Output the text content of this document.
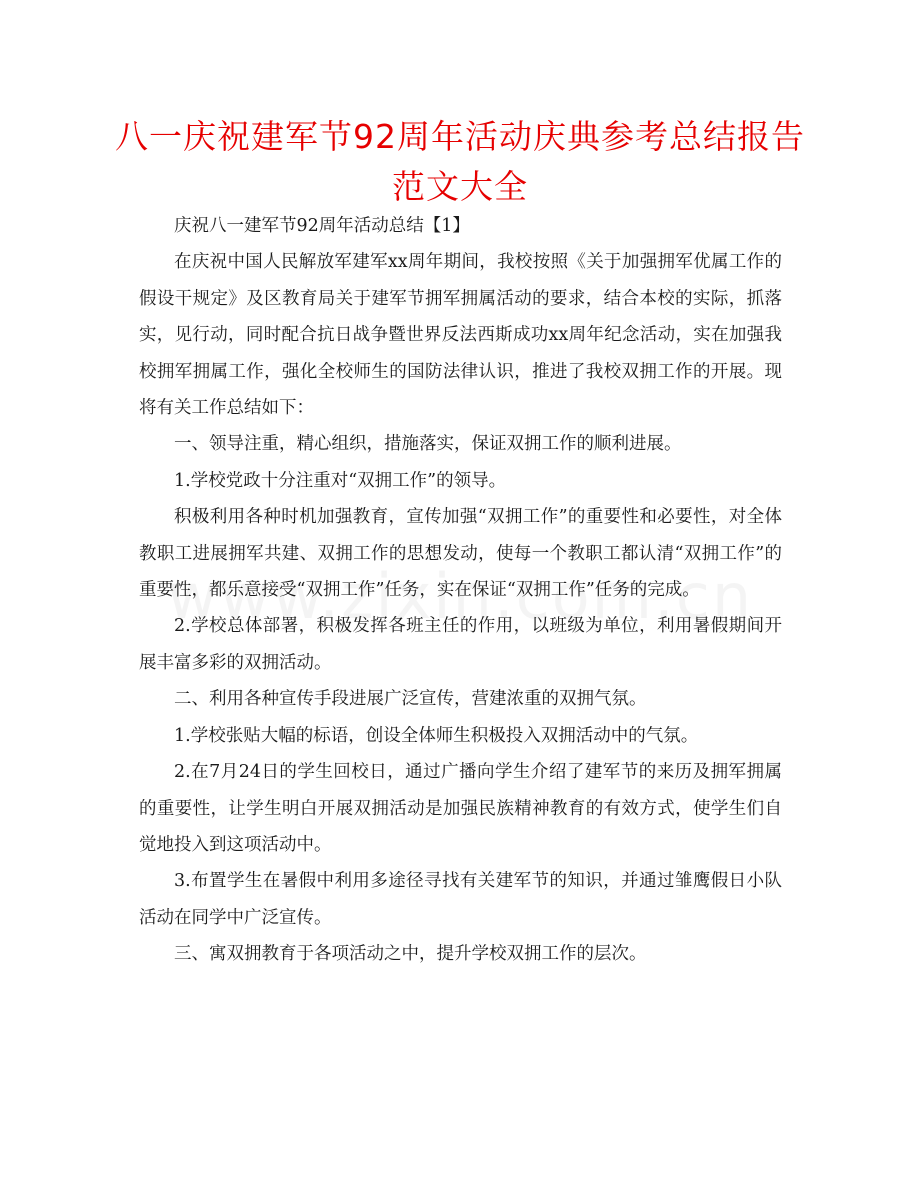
八一庆祝建军节92周年活动庆典参考总结报告范文大全

庆祝八一建军节92周年活动总结【1】

在庆祝中国人民解放军建军xx周年期间，我校按照《关于加强拥军优属工作的假设干规定》及区教育局关于建军节拥军拥属活动的要求，结合本校的实际，抓落实，见行动，同时配合抗日战争暨世界反法西斯成功xx周年纪念活动，实在加强我校拥军拥属工作，强化全校师生的国防法律认识，推进了我校双拥工作的开展。现将有关工作总结如下：

一、领导注重，精心组织，措施落实，保证双拥工作的顺利进展。

1.学校党政十分注重对“双拥工作”的领导。

积极利用各种时机加强教育，宣传加强“双拥工作”的重要性和必要性，对全体教职工进展拥军共建、双拥工作的思想发动，使每一个教职工都认清“双拥工作”的重要性，都乐意接受“双拥工作”任务，实在保证“双拥工作”任务的完成。

2.学校总体部署，积极发挥各班主任的作用，以班级为单位，利用暑假期间开展丰富多彩的双拥活动。

二、利用各种宣传手段进展广泛宣传，营建浓重的双拥气氛。

1.学校张贴大幅的标语，创设全体师生积极投入双拥活动中的气氛。

2.在7月24日的学生回校日，通过广播向学生介绍了建军节的来历及拥军拥属的重要性，让学生明白开展双拥活动是加强民族精神教育的有效方式，使学生们自觉地投入到这项活动中。

3.布置学生在暑假中利用多途径寻找有关建军节的知识，并通过雏鹰假日小队活动在同学中广泛宣传。

三、寓双拥教育于各项活动之中，提升学校双拥工作的层次。
